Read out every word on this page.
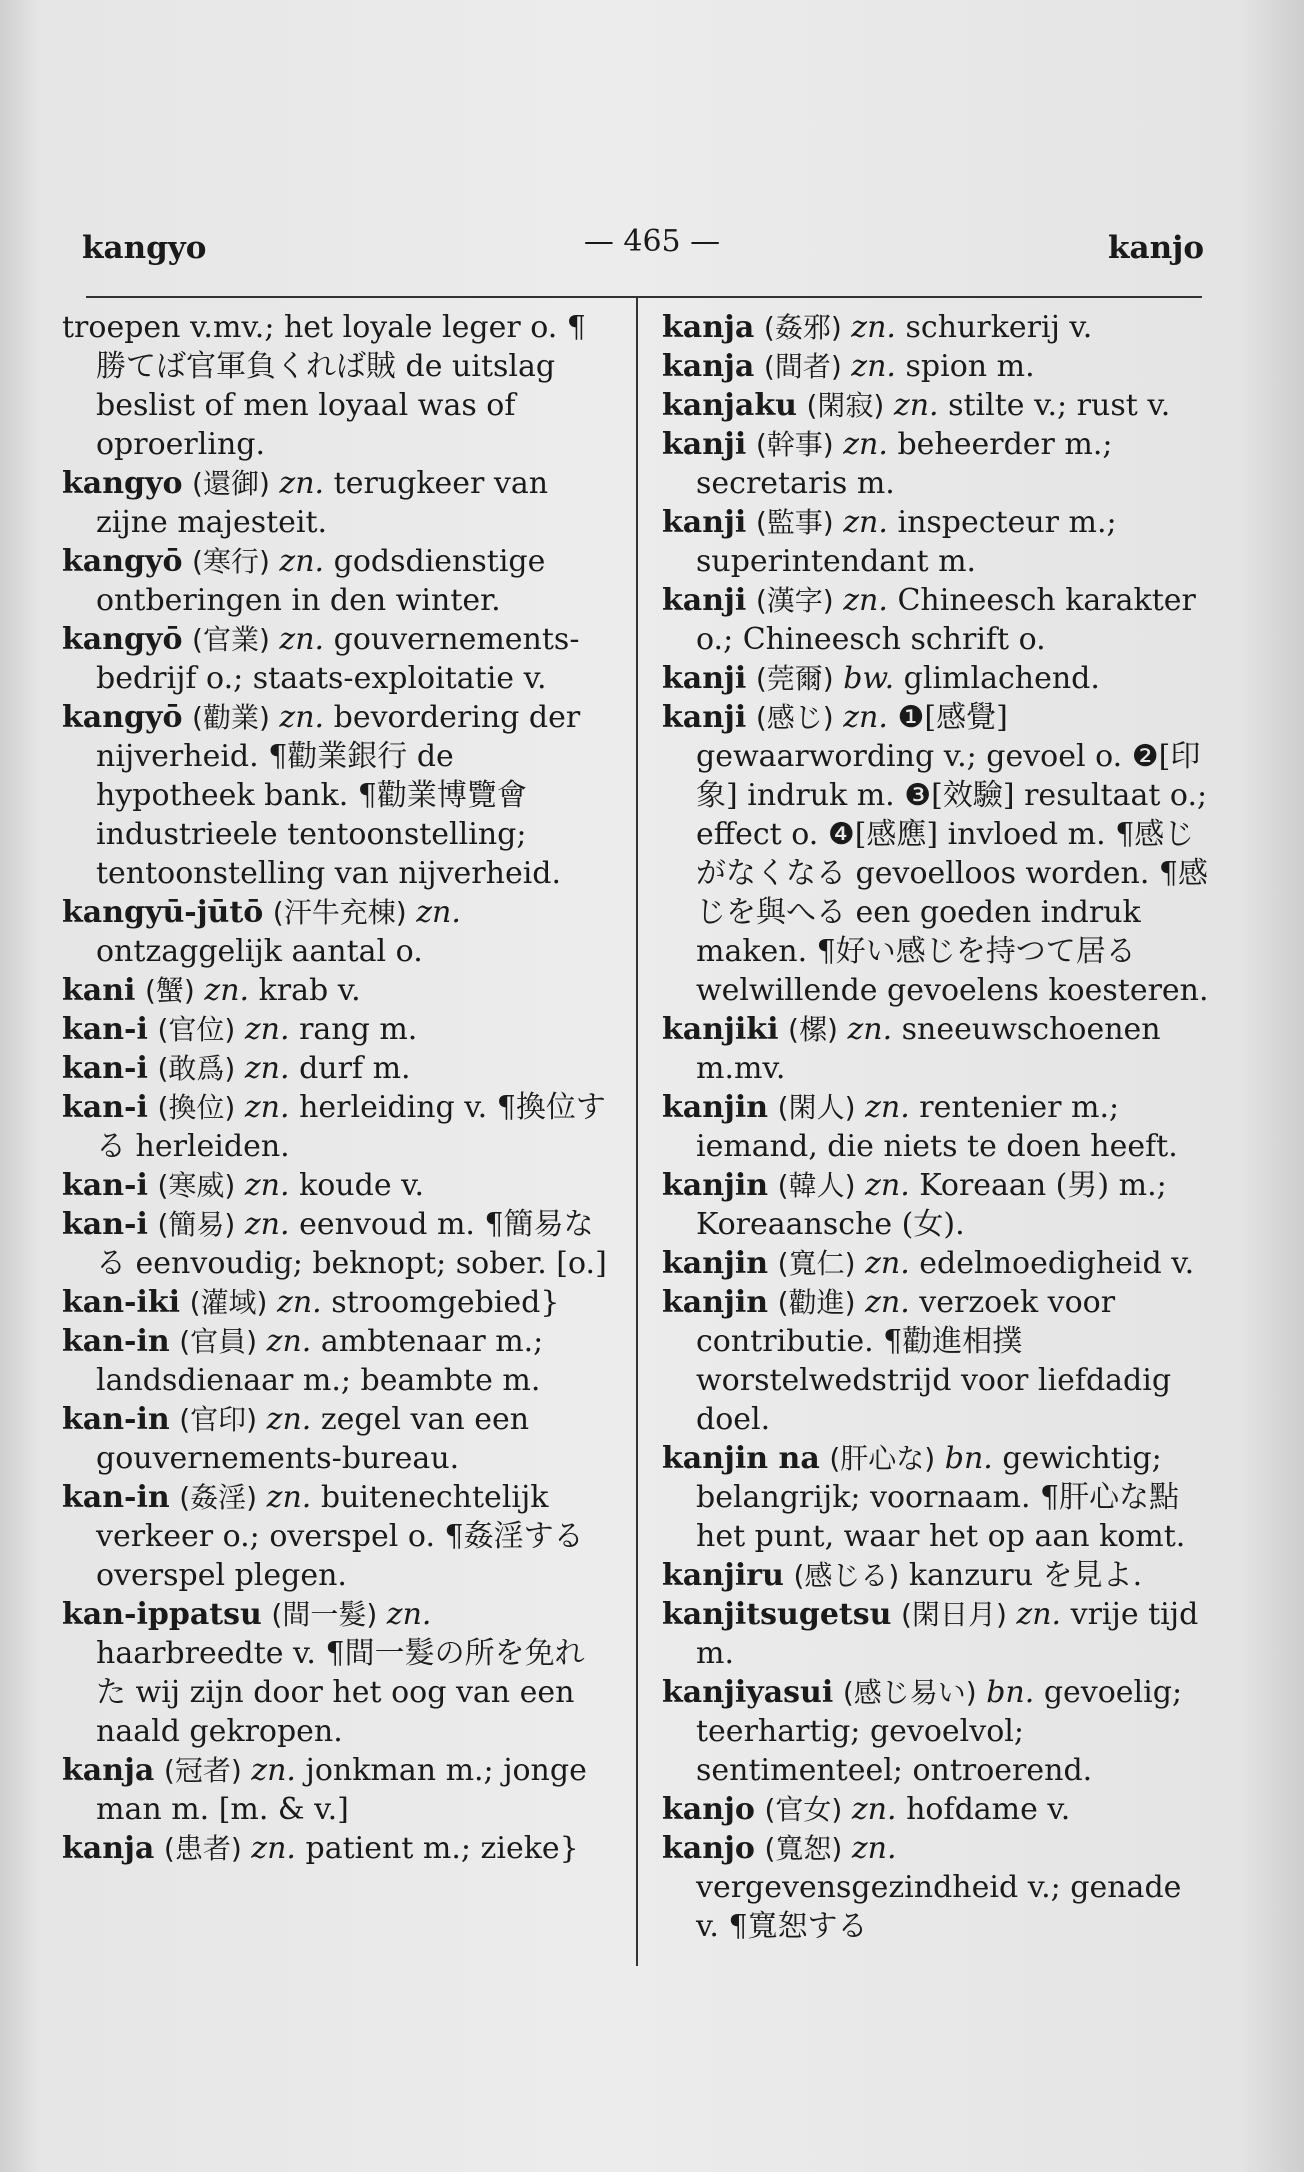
kangyo	— 465 —	kanjo

troepen v.mv.; het loyale leger o. ¶勝てば官軍負くれば賊 de uitslag beslist of men loyaal was of oproerling.

kangyo (還御) zn. terugkeer van zijne majesteit.

kangyō (寒行) zn. godsdienstige ontberingen in den winter.

kangyō (官業) zn. gouvernements-bedrijf o.; staats-exploitatie v.

kangyō (勸業) zn. bevordering der nijverheid. ¶勸業銀行 de hypotheek bank. ¶勸業博覽會 industrieele tentoonstelling; tentoonstelling van nijverheid.

kangyū-jūtō (汗牛充棟) zn. ontzaggelijk aantal o.

kani (蟹) zn. krab v.

kan-i (官位) zn. rang m.

kan-i (敢爲) zn. durf m.

kan-i (換位) zn. herleiding v. ¶換位する herleiden.

kan-i (寒威) zn. koude v.

kan-i (簡易) zn. eenvoud m. ¶簡易なる eenvoudig; beknopt; sober. [o.]

kan-iki (灌域) zn. stroomgebied}

kan-in (官員) zn. ambtenaar m.; landsdienaar m.; beambte m.

kan-in (官印) zn. zegel van een gouvernements-bureau.

kan-in (姦淫) zn. buitenechtelijk verkeer o.; overspel o. ¶姦淫する overspel plegen.

kan-ippatsu (間一髮) zn. haarbreedte v. ¶間一髮の所を免れた wij zijn door het oog van een naald gekropen.

kanja (冠者) zn. jonkman m.; jonge man m. [m. & v.]

kanja (患者) zn. patient m.; zieke}

kanja (姦邪) zn. schurkerij v.

kanja (間者) zn. spion m.

kanjaku (閑寂) zn. stilte v.; rust v.

kanji (幹事) zn. beheerder m.; secretaris m.

kanji (監事) zn. inspecteur m.; superintendant m.

kanji (漢字) zn. Chineesch karakter o.; Chineesch schrift o.

kanji (莞爾) bw. glimlachend.

kanji (感じ) zn. ❶[感覺] gewaarwording v.; gevoel o. ❷[印象] indruk m. ❸[效驗] resultaat o.; effect o. ❹[感應] invloed m. ¶感じがなくなる gevoelloos worden. ¶感じを與へる een goeden indruk maken. ¶好い感じを持つて居る welwillende gevoelens koesteren.

kanjiki (樏) zn. sneeuwschoenen m.mv.

kanjin (閑人) zn. rentenier m.; iemand, die niets te doen heeft.

kanjin (韓人) zn. Koreaan (男) m.; Koreaansche (女).

kanjin (寬仁) zn. edelmoedigheid v.

kanjin (勸進) zn. verzoek voor contributie. ¶勸進相撲 worstelwedstrijd voor liefdadig doel.

kanjin na (肝心な) bn. gewichtig; belangrijk; voornaam. ¶肝心な點 het punt, waar het op aan komt.

kanjiru (感じる) kanzuru を見よ.

kanjitsugetsu (閑日月) zn. vrije tijd m.

kanjiyasui (感じ易い) bn. gevoelig; teerhartig; gevoelvol; sentimenteel; ontroerend.

kanjo (官女) zn. hofdame v.

kanjo (寬恕) zn. vergevensgezindheid v.; genade v. ¶寬恕する
